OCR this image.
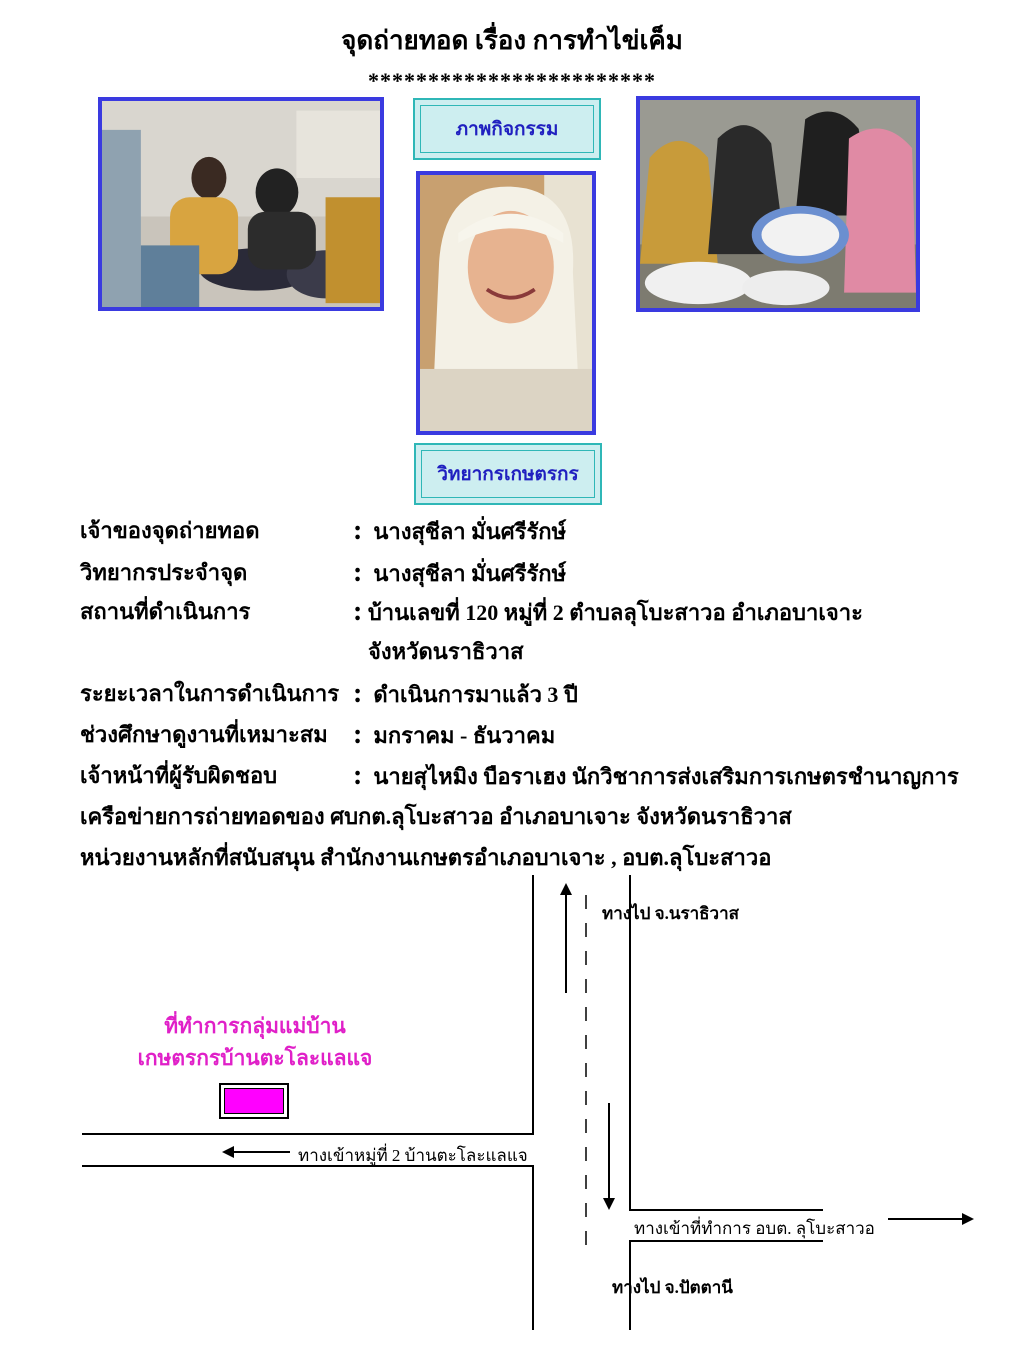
จุดถ่ายทอด เรื่อง การทำไข่เค็ม
************************
ภาพกิจกรรม
วิทยากรเกษตรกร
เจ้าของจุดถ่ายทอด	: นางสุชีลา มั่นศรีรักษ์
วิทยากรประจำจุด	: นางสุชีลา มั่นศรีรักษ์
สถานที่ดำเนินการ	: บ้านเลขที่ 120 หมู่ที่ 2 ตำบลลุโบะสาวอ อำเภอบาเจาะ
จังหวัดนราธิวาส
ระยะเวลาในการดำเนินการ : ดำเนินการมาแล้ว 3 ปี
ช่วงศึกษาดูงานที่เหมาะสม : มกราคม - ธันวาคม
เจ้าหน้าที่ผู้รับผิดชอบ	: นายสุไหมิง บือราเฮง นักวิชาการส่งเสริมการเกษตรชำนาญการ
เครือข่ายการถ่ายทอดของ ศบกต.ลุโบะสาวอ อำเภอบาเจาะ จังหวัดนราธิวาส
หน่วยงานหลักที่สนับสนุน สำนักงานเกษตรอำเภอบาเจาะ , อบต.ลุโบะสาวอ
ทางไป จ.นราธิวาส
ทางเข้าหมู่ที่ 2 บ้านตะโละแลแจ
ทางเข้าที่ทำการ อบต. ลุโบะสาวอ
ทางไป จ.ปัตตานี
ที่ทำการกลุ่มแม่บ้าน
เกษตรกรบ้านตะโละแลแจ
